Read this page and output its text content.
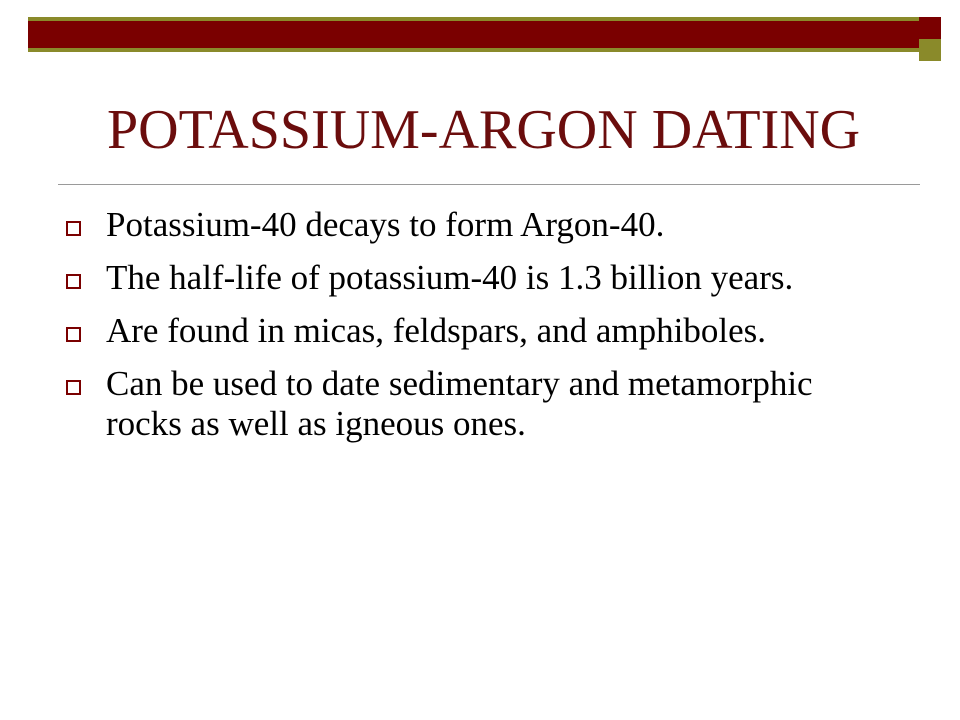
POTASSIUM-ARGON DATING
Potassium-40 decays to form Argon-40.
The half-life of potassium-40 is 1.3 billion years.
Are found in micas, feldspars, and amphiboles.
Can be used to date sedimentary and metamorphic rocks as well as igneous ones.
